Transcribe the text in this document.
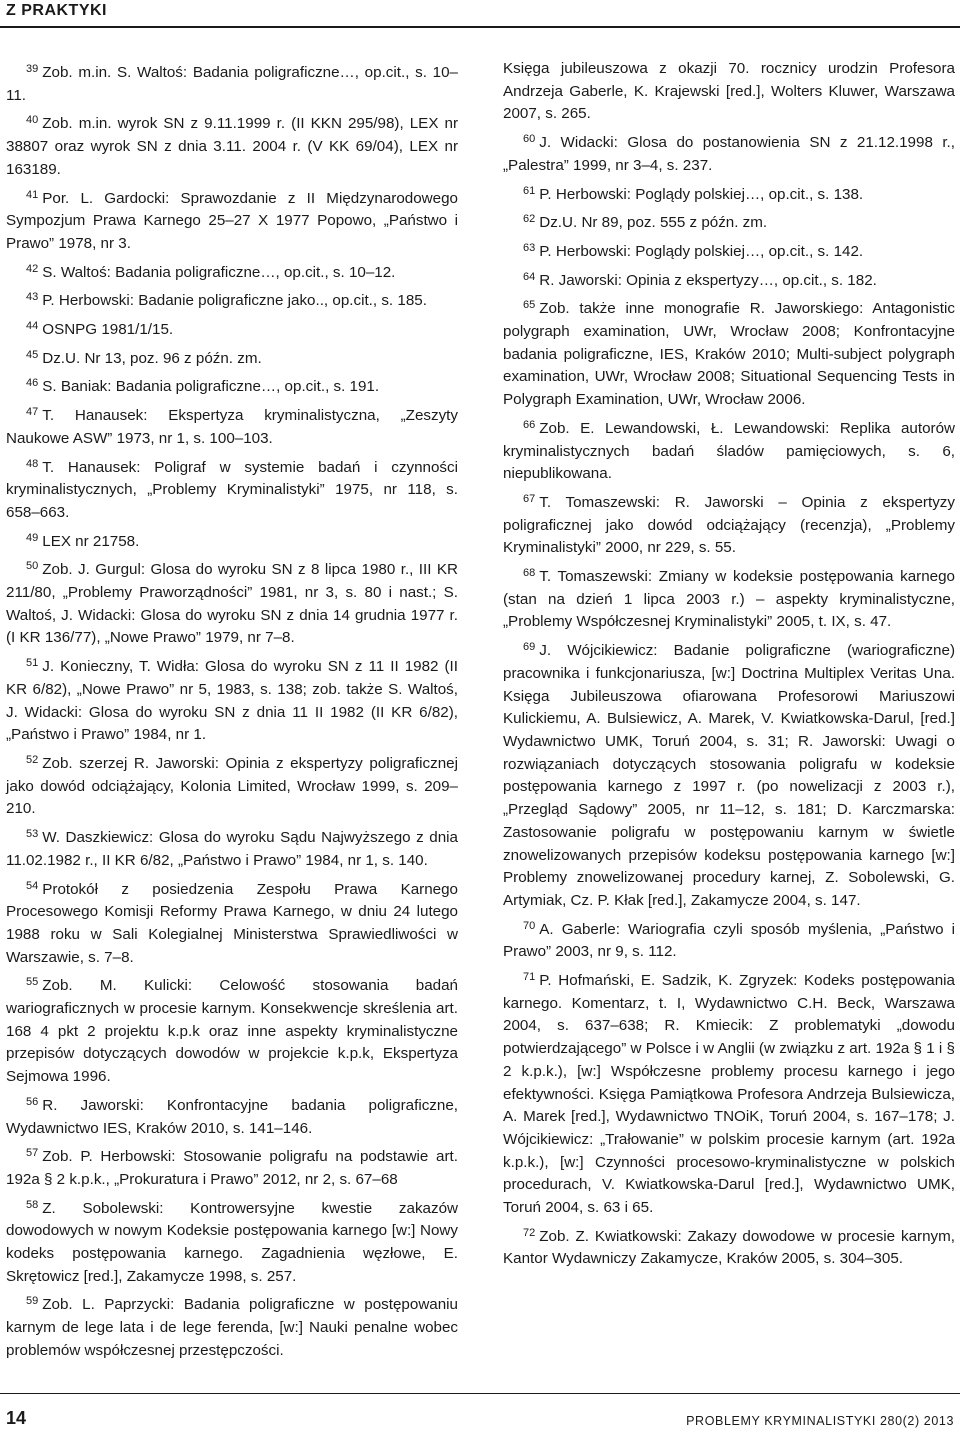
Z PRAKTYKI

$^{39}$ Zob. m.in. S. Waltoś: Badania poligraficzne…, op.cit., s. 10–11.

$^{40}$ Zob. m.in. wyrok SN z 9.11.1999 r. (II KKN 295/98), LEX nr 38807 oraz wyrok SN z dnia 3.11. 2004 r. (V KK 69/04), LEX nr 163189.

$^{41}$ Por. L. Gardocki: Sprawozdanie z II Międzynarodowego Sympozjum Prawa Karnego 25–27 X 1977 Popowo, „Państwo i Prawo” 1978, nr 3.

$^{42}$ S. Waltoś: Badania poligraficzne…, op.cit., s. 10–12.

$^{43}$ P. Herbowski: Badanie poligraficzne jako.., op.cit., s. 185.

$^{44}$ OSNPG 1981/1/15.

$^{45}$ Dz.U. Nr 13, poz. 96 z późn. zm.

$^{46}$ S. Baniak: Badania poligraficzne…, op.cit., s. 191.

$^{47}$ T. Hanausek: Ekspertyza kryminalistyczna, „Zeszyty Naukowe ASW” 1973, nr 1, s. 100–103.

$^{48}$ T. Hanausek: Poligraf w systemie badań i czynności kryminalistycznych, „Problemy Kryminalistyki” 1975, nr 118, s. 658–663.

$^{49}$ LEX nr 21758.

$^{50}$ Zob. J. Gurgul: Glosa do wyroku SN z 8 lipca 1980 r., III KR 211/80, „Problemy Praworządności” 1981, nr 3, s. 80 i nast.; S. Waltoś, J. Widacki: Glosa do wyroku SN z dnia 14 grudnia 1977 r. (I KR 136/77), „Nowe Prawo” 1979, nr 7–8.

$^{51}$ J. Konieczny, T. Widła: Glosa do wyroku SN z 11 II 1982 (II KR 6/82), „Nowe Prawo” nr 5, 1983, s. 138; zob. także S. Waltoś, J. Widacki: Glosa do wyroku SN z dnia 11 II 1982 (II KR 6/82), „Państwo i Prawo” 1984, nr 1.

$^{52}$ Zob. szerzej R. Jaworski: Opinia z ekspertyzy poligraficznej jako dowód odciążający, Kolonia Limited, Wrocław 1999, s. 209–210.

$^{53}$ W. Daszkiewicz: Glosa do wyroku Sądu Najwyższego z dnia 11.02.1982 r., II KR 6/82, „Państwo i Prawo” 1984, nr 1, s. 140.

$^{54}$ Protokół z posiedzenia Zespołu Prawa Karnego Procesowego Komisji Reformy Prawa Karnego, w dniu 24 lutego 1988 roku w Sali Kolegialnej Ministerstwa Sprawiedliwości w Warszawie, s. 7–8.

$^{55}$ Zob. M. Kulicki: Celowość stosowania badań wariograficznych w procesie karnym. Konsekwencje skreślenia art. 168 4 pkt 2 projektu k.p.k oraz inne aspekty kryminalistyczne przepisów dotyczących dowodów w projekcie k.p.k, Ekspertyza Sejmowa 1996.

$^{56}$ R. Jaworski: Konfrontacyjne badania poligraficzne, Wydawnictwo IES, Kraków 2010, s. 141–146.

$^{57}$ Zob. P. Herbowski: Stosowanie poligrafu na podstawie art. 192a § 2 k.p.k., „Prokuratura i Prawo” 2012, nr 2, s. 67–68

$^{58}$ Z. Sobolewski: Kontrowersyjne kwestie zakazów dowodowych w nowym Kodeksie postępowania karnego [w:] Nowy kodeks postępowania karnego. Zagadnienia węzłowe, E. Skrętowicz [red.], Zakamycze 1998, s. 257.

$^{59}$ Zob. L. Paprzycki: Badania poligraficzne w postępowaniu karnym de lege lata i de lege ferenda, [w:] Nauki penalne wobec problemów współczesnej przestępczości.

Księga jubileuszowa z okazji 70. rocznicy urodzin Profesora Andrzeja Gaberle, K. Krajewski [red.], Wolters Kluwer, Warszawa 2007, s. 265.

$^{60}$ J. Widacki: Glosa do postanowienia SN z 21.12.1998 r., „Palestra” 1999, nr 3–4, s. 237.

$^{61}$ P. Herbowski: Poglądy polskiej…, op.cit., s. 138.

$^{62}$ Dz.U. Nr 89, poz. 555 z późn. zm.

$^{63}$ P. Herbowski: Poglądy polskiej…, op.cit., s. 142.

$^{64}$ R. Jaworski: Opinia z ekspertyzy…, op.cit., s. 182.

$^{65}$ Zob. także inne monografie R. Jaworskiego: Antagonistic polygraph examination, UWr, Wrocław 2008; Konfrontacyjne badania poligraficzne, IES, Kraków 2010; Multi-subject polygraph examination, UWr, Wrocław 2008; Situational Sequencing Tests in Polygraph Examination, UWr, Wrocław 2006.

$^{66}$ Zob. E. Lewandowski, Ł. Lewandowski: Replika autorów kryminalistycznych badań śladów pamięciowych, s. 6, niepublikowana.

$^{67}$ T. Tomaszewski: R. Jaworski – Opinia z ekspertyzy poligraficznej jako dowód odciążający (recenzja), „Problemy Kryminalistyki” 2000, nr 229, s. 55.

$^{68}$ T. Tomaszewski: Zmiany w kodeksie postępowania karnego (stan na dzień 1 lipca 2003 r.) – aspekty kryminalistyczne, „Problemy Współczesnej Kryminalistyki” 2005, t. IX, s. 47.

$^{69}$ J. Wójcikiewicz: Badanie poligraficzne (wariograficzne) pracownika i funkcjonariusza, [w:] Doctrina Multiplex Veritas Una. Księga Jubileuszowa ofiarowana Profesorowi Mariuszowi Kulickiemu, A. Bulsiewicz, A. Marek, V. Kwiatkowska-Darul, [red.] Wydawnictwo UMK, Toruń 2004, s. 31; R. Jaworski: Uwagi o rozwiązaniach dotyczących stosowania poligrafu w kodeksie postępowania karnego z 1997 r. (po nowelizacji z 2003 r.), „Przegląd Sądowy” 2005, nr 11–12, s. 181; D. Karczmarska: Zastosowanie poligrafu w postępowaniu karnym w świetle znowelizowanych przepisów kodeksu postępowania karnego [w:] Problemy znowelizowanej procedury karnej, Z. Sobolewski, G. Artymiak, Cz. P. Kłak [red.], Zakamycze 2004, s. 147.

$^{70}$ A. Gaberle: Wariografia czyli sposób myślenia, „Państwo i Prawo” 2003, nr 9, s. 112.

$^{71}$ P. Hofmański, E. Sadzik, K. Zgryzek: Kodeks postępowania karnego. Komentarz, t. I, Wydawnictwo C.H. Beck, Warszawa 2004, s. 637–638; R. Kmiecik: Z problematyki „dowodu potwierdzającego” w Polsce i w Anglii (w związku z art. 192a § 1 i § 2 k.p.k.), [w:] Współczesne problemy procesu karnego i jego efektywności. Księga Pamiątkowa Profesora Andrzeja Bulsiewicza, A. Marek [red.], Wydawnictwo TNOiK, Toruń 2004, s. 167–178; J. Wójcikiewicz: „Trałowanie” w polskim procesie karnym (art. 192a k.p.k.), [w:] Czynności procesowo-kryminalistyczne w polskich procedurach, V. Kwiatkowska-Darul [red.], Wydawnictwo UMK, Toruń 2004, s. 63 i 65.

$^{72}$ Zob. Z. Kwiatkowski: Zakazy dowodowe w procesie karnym, Kantor Wydawniczy Zakamycze, Kraków 2005, s. 304–305.

14	PROBLEMY KRYMINALISTYKI 280(2) 2013
